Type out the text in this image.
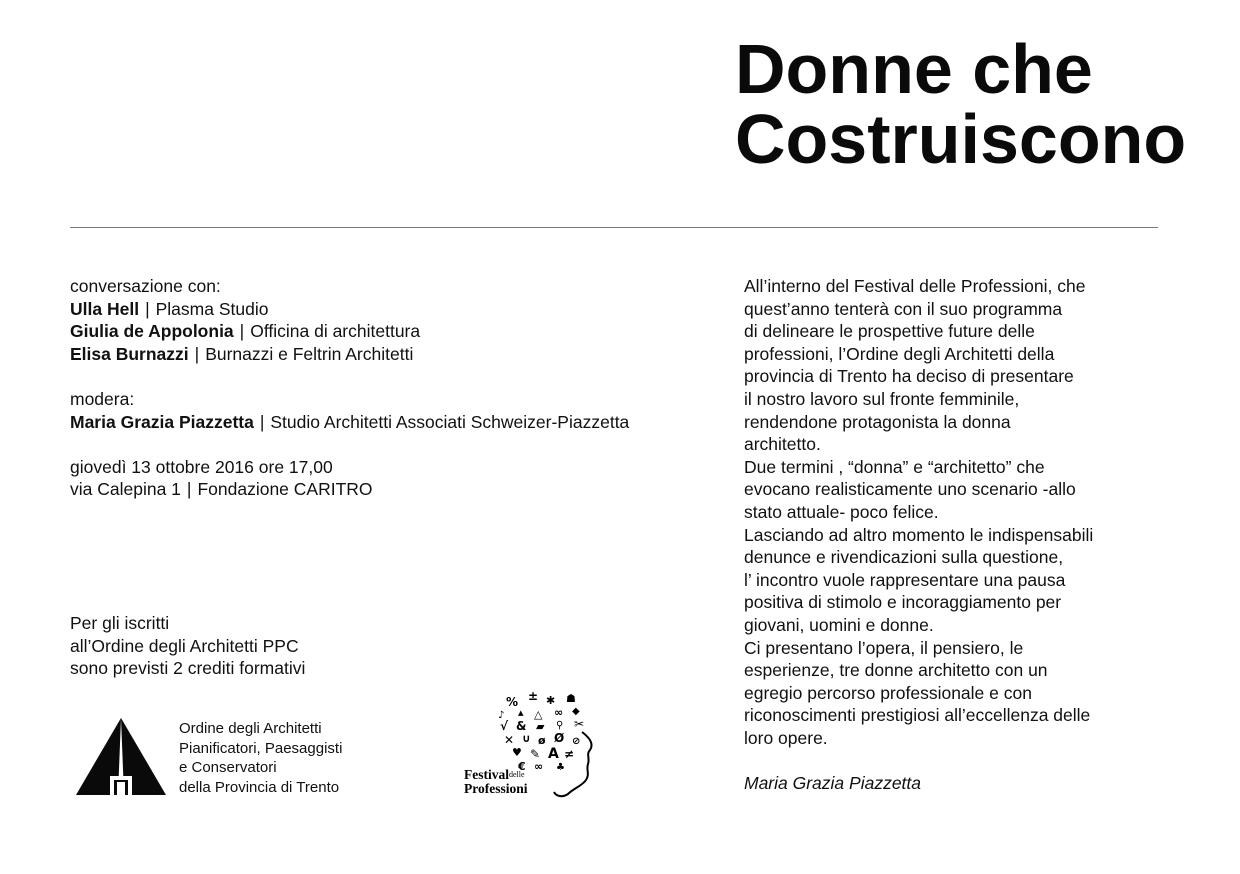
Donne che
Costruiscono
conversazione con:
Ulla Hell | Plasma Studio
Giulia de Appolonia | Officina di architettura
Elisa Burnazzi | Burnazzi e Feltrin Architetti
modera:
Maria Grazia Piazzetta | Studio Architetti Associati Schweizer-Piazzetta
giovedì 13 ottobre 2016 ore 17,00
via Calepina 1 | Fondazione CARITRO
Per gli iscritti
all’Ordine degli Architetti PPC
sono previsti 2 crediti formativi
Ordine degli Architetti
Pianificatori, Paesaggisti
e Conservatori
della Provincia di Trento
±
%	✱ ☗
♪ ▴ △ ∞ ◆
√ & ▰ ⚲ ✂
✕ ∪ ø Ø ⊘
♥ ✎ A ≠
€ ∞ ♣
Festivaldelle
Professioni
All’interno del Festival delle Professioni, che
quest’anno tenterà con il suo programma
di delineare le prospettive future delle
professioni, l’Ordine degli Architetti della
provincia di Trento ha deciso di presentare
il nostro lavoro sul fronte femminile,
rendendone protagonista la donna
architetto.
Due termini , “donna” e “architetto” che
evocano realisticamente uno scenario -allo
stato attuale- poco felice.
Lasciando ad altro momento le indispensabili
denunce e rivendicazioni sulla questione,
l’ incontro vuole rappresentare una pausa
positiva di stimolo e incoraggiamento per
giovani, uomini e donne.
Ci presentano l’opera, il pensiero, le
esperienze, tre donne architetto con un
egregio percorso professionale e con
riconoscimenti prestigiosi all’eccellenza delle
loro opere.
Maria Grazia Piazzetta
